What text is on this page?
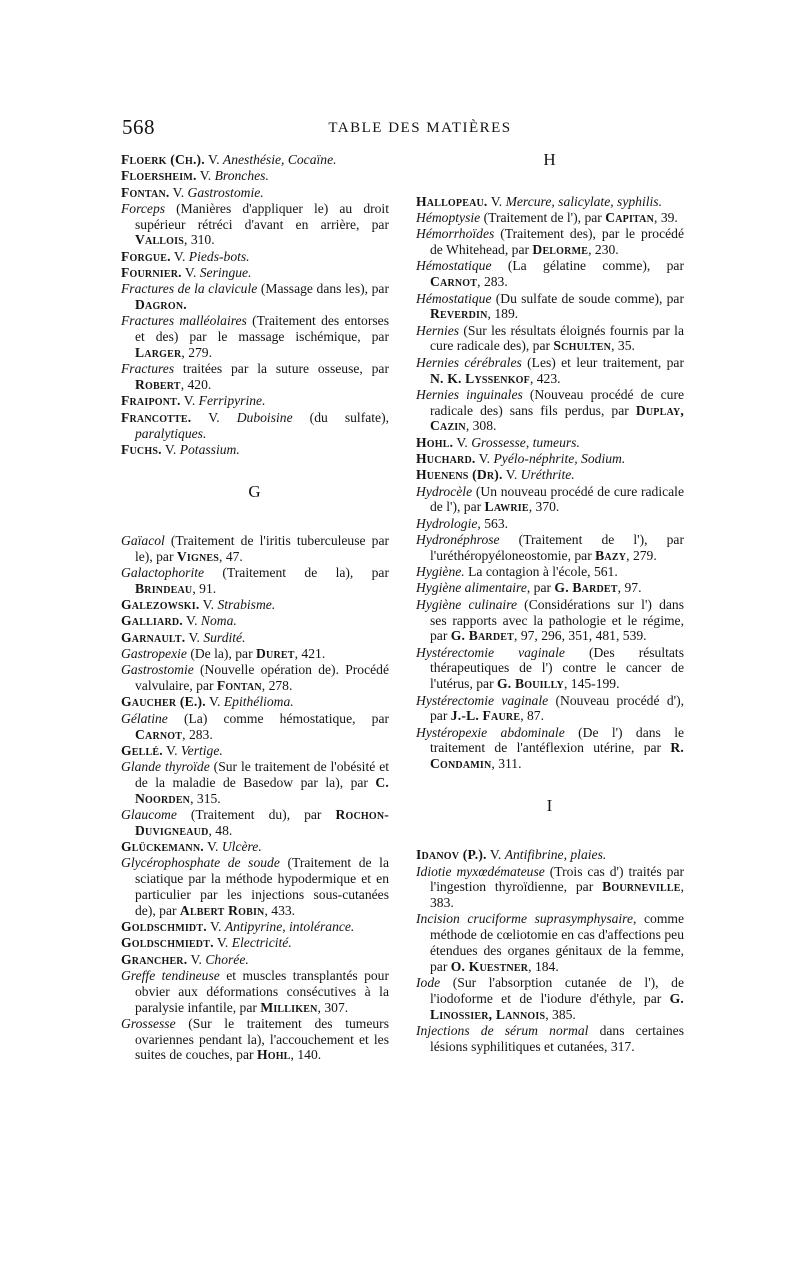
568	TABLE DES MATIÈRES
Floerk (Ch.). V. Anesthésie, Cocaïne.
Floersheim. V. Bronches.
Fontan. V. Gastrostomie.
Forceps (Manières d'appliquer le) au droit supérieur rétréci d'avant en arrière, par Vallois, 310.
Forgue. V. Pieds-bots.
Fournier. V. Seringue.
Fractures de la clavicule (Massage dans les), par Dagron.
Fractures malléolaires (Traitement des entorses et des) par le massage ischémique, par Larger, 279.
Fractures traitées par la suture osseuse, par Robert, 420.
Fraipont. V. Ferripyrine.
Francotte. V. Duboisine (du sulfate), paralytiques.
Fuchs. V. Potassium.
G
Gaïacol (Traitement de l'iritis tuberculeuse par le), par Vignes, 47.
Galactophorite (Traitement de la), par Brindeau, 91.
Galezowski. V. Strabisme.
Galliard. V. Noma.
Garnault. V. Surdité.
Gastropexie (De la), par Duret, 421.
Gastrostomie (Nouvelle opération de). Procédé valvulaire, par Fontan, 278.
Gaucher (E.). V. Epithélioma.
Gélatine (La) comme hémostatique, par Carnot, 283.
Gellé. V. Vertige.
Glande thyroïde (Sur le traitement de l'obésité et de la maladie de Basedow par la), par C. Noorden, 315.
Glaucome (Traitement du), par Rochon-Duvigneaud, 48.
Glückemann. V. Ulcère.
Glycérophosphate de soude (Traitement de la sciatique par la méthode hypodermique et en particulier par les injections sous-cutanées de), par Albert Robin, 433.
Goldschmidt. V. Antipyrine, intolérance.
Goldschmiedt. V. Electricité.
Grancher. V. Chorée.
Greffe tendineuse et muscles transplantés pour obvier aux déformations consécutives à la paralysie infantile, par Milliken, 307.
Grossesse (Sur le traitement des tumeurs ovariennes pendant la), l'accouchement et les suites de couches, par Hohl, 140.
H
Hallopeau. V. Mercure, salicylate, syphilis.
Hémoptysie (Traitement de l'), par Capitan, 39.
Hémorrhoïdes (Traitement des), par le procédé de Whitehead, par Delorme, 230.
Hémostatique (La gélatine comme), par Carnot, 283.
Hémostatique (Du sulfate de soude comme), par Reverdin, 189.
Hernies (Sur les résultats éloignés fournis par la cure radicale des), par Schulten, 35.
Hernies cérébrales (Les) et leur traitement, par N. K. Lyssenkof, 423.
Hernies inguinales (Nouveau procédé de cure radicale des) sans fils perdus, par Duplay, Cazin, 308.
Hohl. V. Grossesse, tumeurs.
Huchard. V. Pyélo-néphrite, Sodium.
Huenens (Dr). V. Uréthrite.
Hydrocèle (Un nouveau procédé de cure radicale de l'), par Lawrie, 370.
Hydrologie, 563.
Hydronéphrose (Traitement de l'), par l'uréthéropyéloneostomie, par Bazy, 279.
Hygiène. La contagion à l'école, 561.
Hygiène alimentaire, par G. Bardet, 97.
Hygiène culinaire (Considérations sur l') dans ses rapports avec la pathologie et le régime, par G. Bardet, 97, 296, 351, 481, 539.
Hystérectomie vaginale (Des résultats thérapeutiques de l') contre le cancer de l'utérus, par G. Bouilly, 145-199.
Hystérectomie vaginale (Nouveau procédé d'), par J.-L. Faure, 87.
Hystéropexie abdominale (De l') dans le traitement de l'antéflexion utérine, par R. Condamin, 311.
I
Idanov (P.). V. Antifibrine, plaies.
Idiotie myxœdémateuse (Trois cas d') traités par l'ingestion thyroïdienne, par Bourneville, 383.
Incision cruciforme suprasymphysaire, comme méthode de cœliotomie en cas d'affections peu étendues des organes génitaux de la femme, par O. Kuestner, 184.
Iode (Sur l'absorption cutanée de l'), de l'iodoforme et de l'iodure d'éthyle, par G. Linossier, Lannois, 385.
Injections de sérum normal dans certaines lésions syphilitiques et cutanées, 317.
